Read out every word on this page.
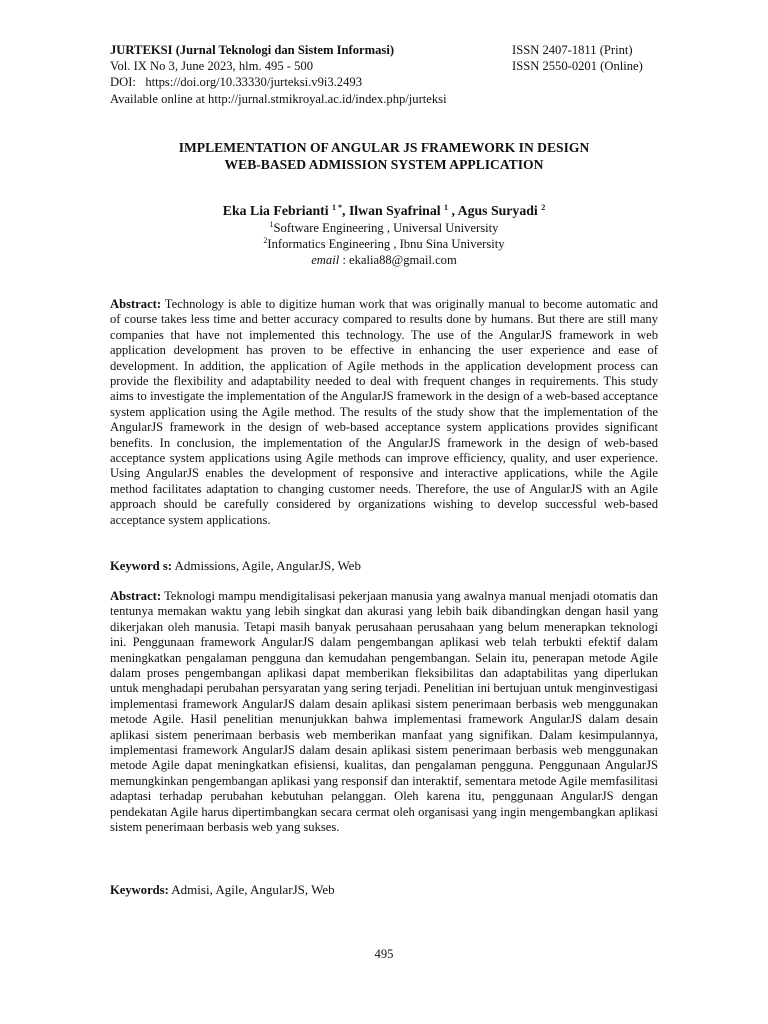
JURTEKSI (Jurnal Teknologi dan Sistem Informasi)	ISSN 2407-1811 (Print)
Vol. IX No 3, June 2023, hlm. 495 - 500	ISSN 2550-0201 (Online)
DOI:   https://doi.org/10.33330/jurteksi.v9i3.2493
Available online at http://jurnal.stmikroyal.ac.id/index.php/jurteksi
IMPLEMENTATION OF ANGULAR JS FRAMEWORK IN DESIGN
WEB-BASED ADMISSION SYSTEM APPLICATION
Eka Lia Febrianti $^{1 *}$, Ilwan Syafrinal $^1$ , Agus Suryadi $^2$
$^1$Software Engineering , Universal University
$^2$Informatics Engineering , Ibnu Sina University
email : ekalia88@gmail.com
Abstract: Technology is able to digitize human work that was originally manual to become automatic and of course takes less time and better accuracy compared to results done by humans. But there are still many companies that have not implemented this technology. The use of the AngularJS framework in web application development has proven to be effective in enhancing the user experience and ease of development. In addition, the application of Agile methods in the application development process can provide the flexibility and adaptability needed to deal with frequent changes in requirements. This study aims to investigate the implementation of the AngularJS framework in the design of a web-based acceptance system application using the Agile method. The results of the study show that the implementation of the AngularJS framework in the design of web-based acceptance system applications provides significant benefits. In conclusion, the implementation of the AngularJS framework in the design of web-based acceptance system applications using Agile methods can improve efficiency, quality, and user experience. Using AngularJS enables the development of responsive and interactive applications, while the Agile method facilitates adaptation to changing customer needs. Therefore, the use of AngularJS with an Agile approach should be carefully considered by organizations wishing to develop successful web-based acceptance system applications.
Keyword s: Admissions, Agile, AngularJS, Web
Abstract: Teknologi mampu mendigitalisasi pekerjaan manusia yang awalnya manual menjadi otomatis dan tentunya memakan waktu yang lebih singkat dan akurasi yang lebih baik dibandingkan dengan hasil yang dikerjakan oleh manusia. Tetapi masih banyak perusahaan perusahaan yang belum menerapkan teknologi ini. Penggunaan framework AngularJS dalam pengembangan aplikasi web telah terbukti efektif dalam meningkatkan pengalaman pengguna dan kemudahan pengembangan. Selain itu, penerapan metode Agile dalam proses pengembangan aplikasi dapat memberikan fleksibilitas dan adaptabilitas yang diperlukan untuk menghadapi perubahan persyaratan yang sering terjadi. Penelitian ini bertujuan untuk menginvestigasi implementasi framework AngularJS dalam desain aplikasi sistem penerimaan berbasis web menggunakan metode Agile. Hasil penelitian menunjukkan bahwa implementasi framework AngularJS dalam desain aplikasi sistem penerimaan berbasis web memberikan manfaat yang signifikan. Dalam kesimpulannya, implementasi framework AngularJS dalam desain aplikasi sistem penerimaan berbasis web menggunakan metode Agile dapat meningkatkan efisiensi, kualitas, dan pengalaman pengguna. Penggunaan AngularJS memungkinkan pengembangan aplikasi yang responsif dan interaktif, sementara metode Agile memfasilitasi adaptasi terhadap perubahan kebutuhan pelanggan. Oleh karena itu, penggunaan AngularJS dengan pendekatan Agile harus dipertimbangkan secara cermat oleh organisasi yang ingin mengembangkan aplikasi sistem penerimaan berbasis web yang sukses.
Keywords: Admisi, Agile, AngularJS, Web
495
